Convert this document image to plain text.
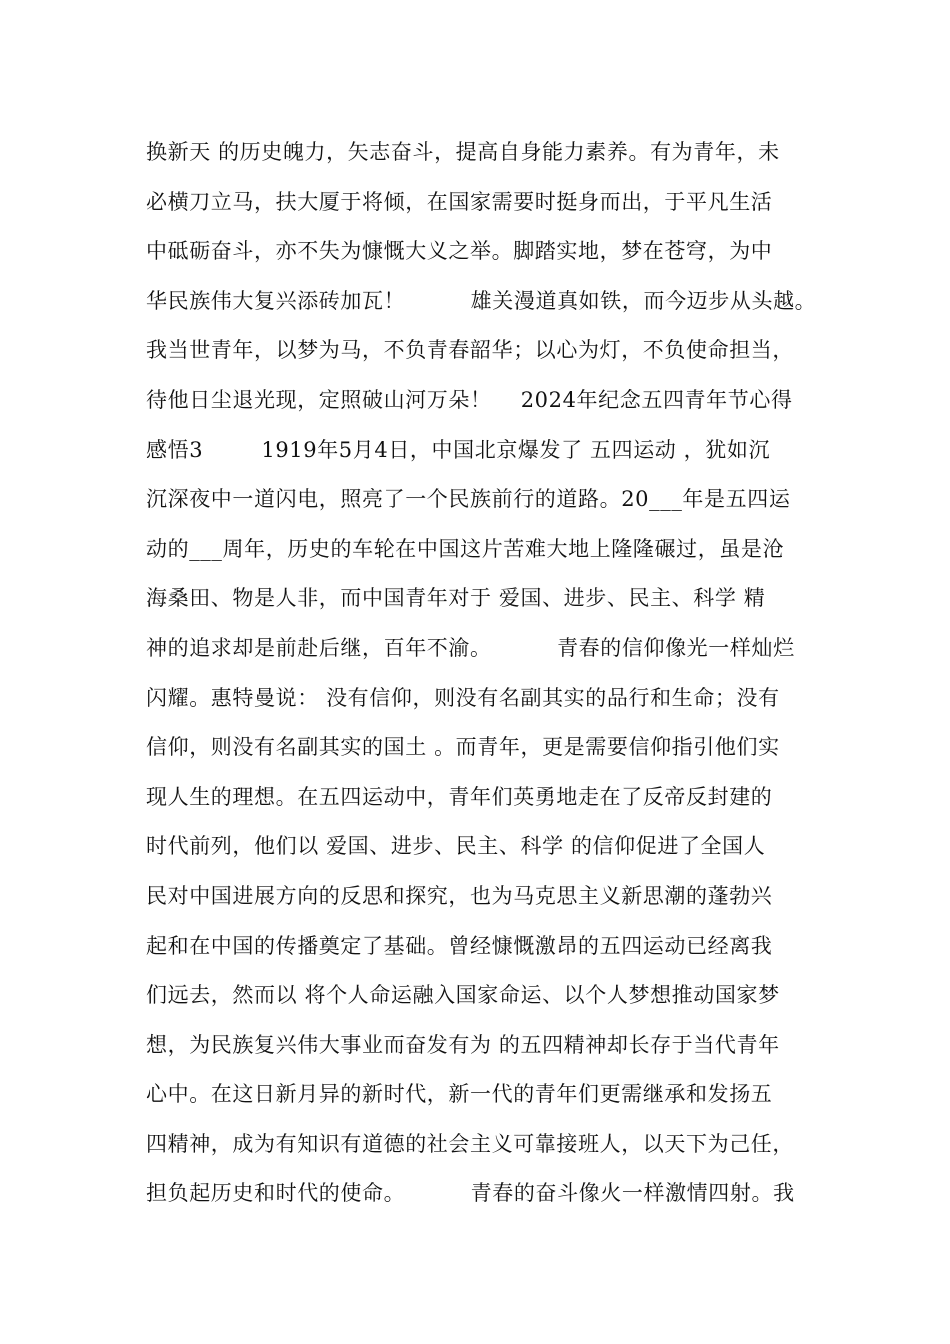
换新天 的历史魄力，矢志奋斗，提高自身能力素养。有为青年，未
必横刀立马，扶大厦于将倾，在国家需要时挺身而出，于平凡生活
中砥砺奋斗，亦不失为慷慨大义之举。脚踏实地，梦在苍穹，为中
华民族伟大复兴添砖加瓦！         雄关漫道真如铁，而今迈步从头越。
我当世青年，以梦为马，不负青春韶华；以心为灯，不负使命担当，
待他日尘退光现，定照破山河万朵！    2024年纪念五四青年节心得
感悟3        1919年5月4日，中国北京爆发了 五四运动 ，犹如沉
沉深夜中一道闪电，照亮了一个民族前行的道路。20___年是五四运
动的___周年，历史的车轮在中国这片苦难大地上隆隆碾过，虽是沧
海桑田、物是人非，而中国青年对于 爱国、进步、民主、科学 精
神的追求却是前赴后继，百年不渝。         青春的信仰像光一样灿烂
闪耀。惠特曼说： 没有信仰，则没有名副其实的品行和生命；没有
信仰，则没有名副其实的国土 。而青年，更是需要信仰指引他们实
现人生的理想。在五四运动中，青年们英勇地走在了反帝反封建的
时代前列，他们以 爱国、进步、民主、科学 的信仰促进了全国人
民对中国进展方向的反思和探究，也为马克思主义新思潮的蓬勃兴
起和在中国的传播奠定了基础。曾经慷慨激昂的五四运动已经离我
们远去，然而以 将个人命运融入国家命运、以个人梦想推动国家梦
想，为民族复兴伟大事业而奋发有为 的五四精神却长存于当代青年
心中。在这日新月异的新时代，新一代的青年们更需继承和发扬五
四精神，成为有知识有道德的社会主义可靠接班人，以天下为己任，
担负起历史和时代的使命。         青春的奋斗像火一样激情四射。我
